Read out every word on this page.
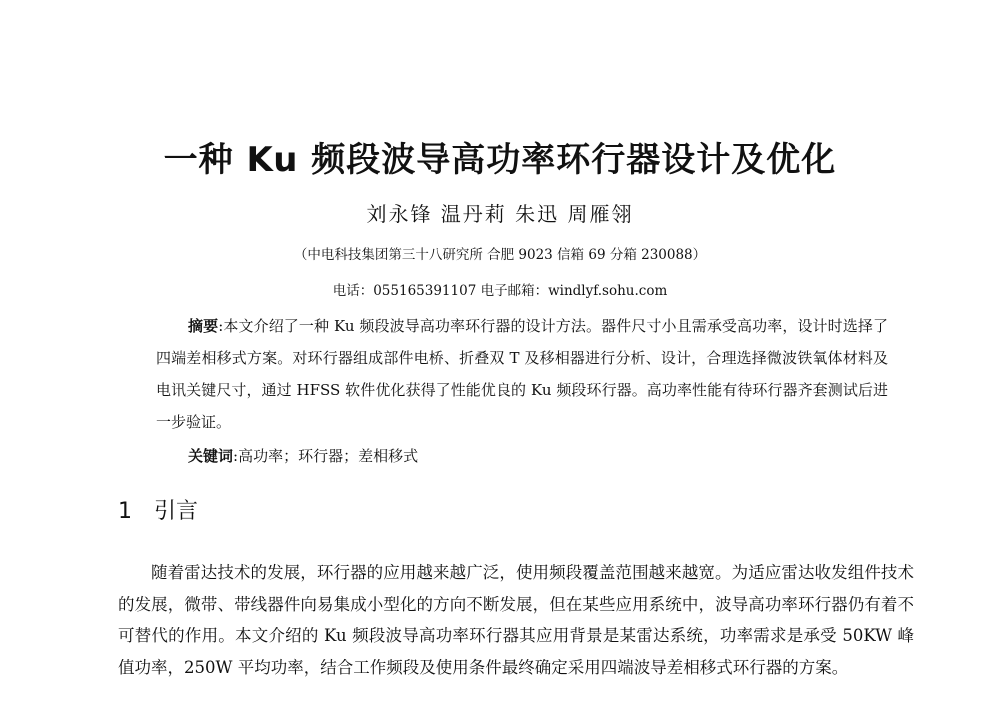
一种 Ku 频段波导高功率环行器设计及优化
刘永锋 温丹莉 朱迅 周雁翎
（中电科技集团第三十八研究所 合肥 9023 信箱 69 分箱 230088）
电话：055165391107 电子邮箱：windlyf.sohu.com

摘要:本文介绍了一种 Ku 频段波导高功率环行器的设计方法。器件尺寸小且需承受高功率，设计时选择了四端差相移式方案。对环行器组成部件电桥、折叠双 T 及移相器进行分析、设计，合理选择微波铁氧体材料及电讯关键尺寸，通过 HFSS 软件优化获得了性能优良的 Ku 频段环行器。高功率性能有待环行器齐套测试后进一步验证。

关键词:高功率；环行器；差相移式

1 引言

随着雷达技术的发展，环行器的应用越来越广泛，使用频段覆盖范围越来越宽。为适应雷达收发组件技术的发展，微带、带线器件向易集成小型化的方向不断发展，但在某些应用系统中，波导高功率环行器仍有着不可替代的作用。本文介绍的 Ku 频段波导高功率环行器其应用背景是某雷达系统，功率需求是承受 50KW 峰值功率，250W 平均功率，结合工作频段及使用条件最终确定采用四端波导差相移式环行器的方案。
